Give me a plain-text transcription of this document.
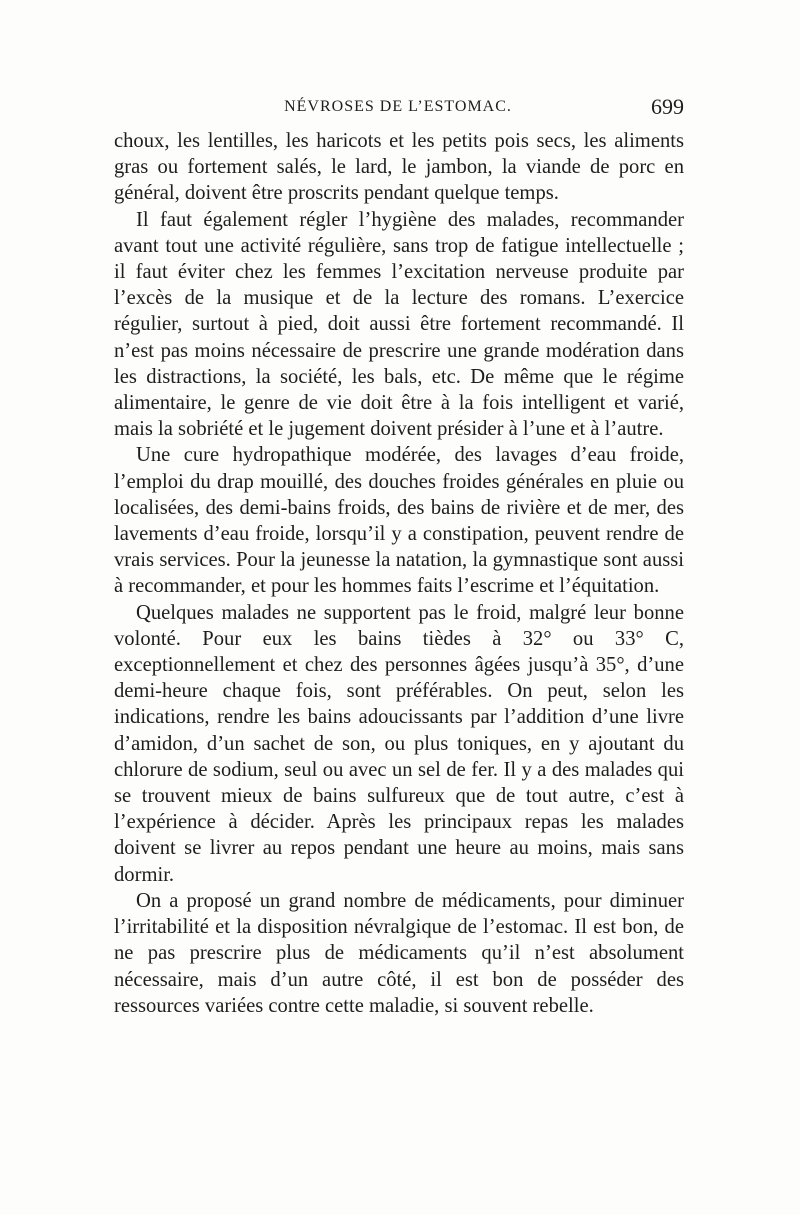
NÉVROSES DE L’ESTOMAC.	699

choux, les lentilles, les haricots et les petits pois secs, les aliments gras ou fortement salés, le lard, le jambon, la viande de porc en général, doivent être proscrits pendant quelque temps.

Il faut également régler l’hygiène des malades, recommander avant tout une activité régulière, sans trop de fatigue intellectuelle ; il faut éviter chez les femmes l’excitation nerveuse produite par l’excès de la musique et de la lecture des romans. L’exercice régulier, surtout à pied, doit aussi être fortement recommandé. Il n’est pas moins nécessaire de prescrire une grande modération dans les distractions, la société, les bals, etc. De même que le régime alimentaire, le genre de vie doit être à la fois intelligent et varié, mais la sobriété et le jugement doivent présider à l’une et à l’autre.

Une cure hydropathique modérée, des lavages d’eau froide, l’emploi du drap mouillé, des douches froides générales en pluie ou localisées, des demi-bains froids, des bains de rivière et de mer, des lavements d’eau froide, lorsqu’il y a constipation, peuvent rendre de vrais services. Pour la jeunesse la natation, la gymnastique sont aussi à recommander, et pour les hommes faits l’escrime et l’équitation.

Quelques malades ne supportent pas le froid, malgré leur bonne volonté. Pour eux les bains tièdes à 32° ou 33° C, exceptionnellement et chez des personnes âgées jusqu’à 35°, d’une demi-heure chaque fois, sont préférables. On peut, selon les indications, rendre les bains adoucissants par l’addition d’une livre d’amidon, d’un sachet de son, ou plus toniques, en y ajoutant du chlorure de sodium, seul ou avec un sel de fer. Il y a des malades qui se trouvent mieux de bains sulfureux que de tout autre, c’est à l’expérience à décider. Après les principaux repas les malades doivent se livrer au repos pendant une heure au moins, mais sans dormir.

On a proposé un grand nombre de médicaments, pour diminuer l’irritabilité et la disposition névralgique de l’estomac. Il est bon, de ne pas prescrire plus de médicaments qu’il n’est absolument nécessaire, mais d’un autre côté, il est bon de posséder des ressources variées contre cette maladie, si souvent rebelle.
